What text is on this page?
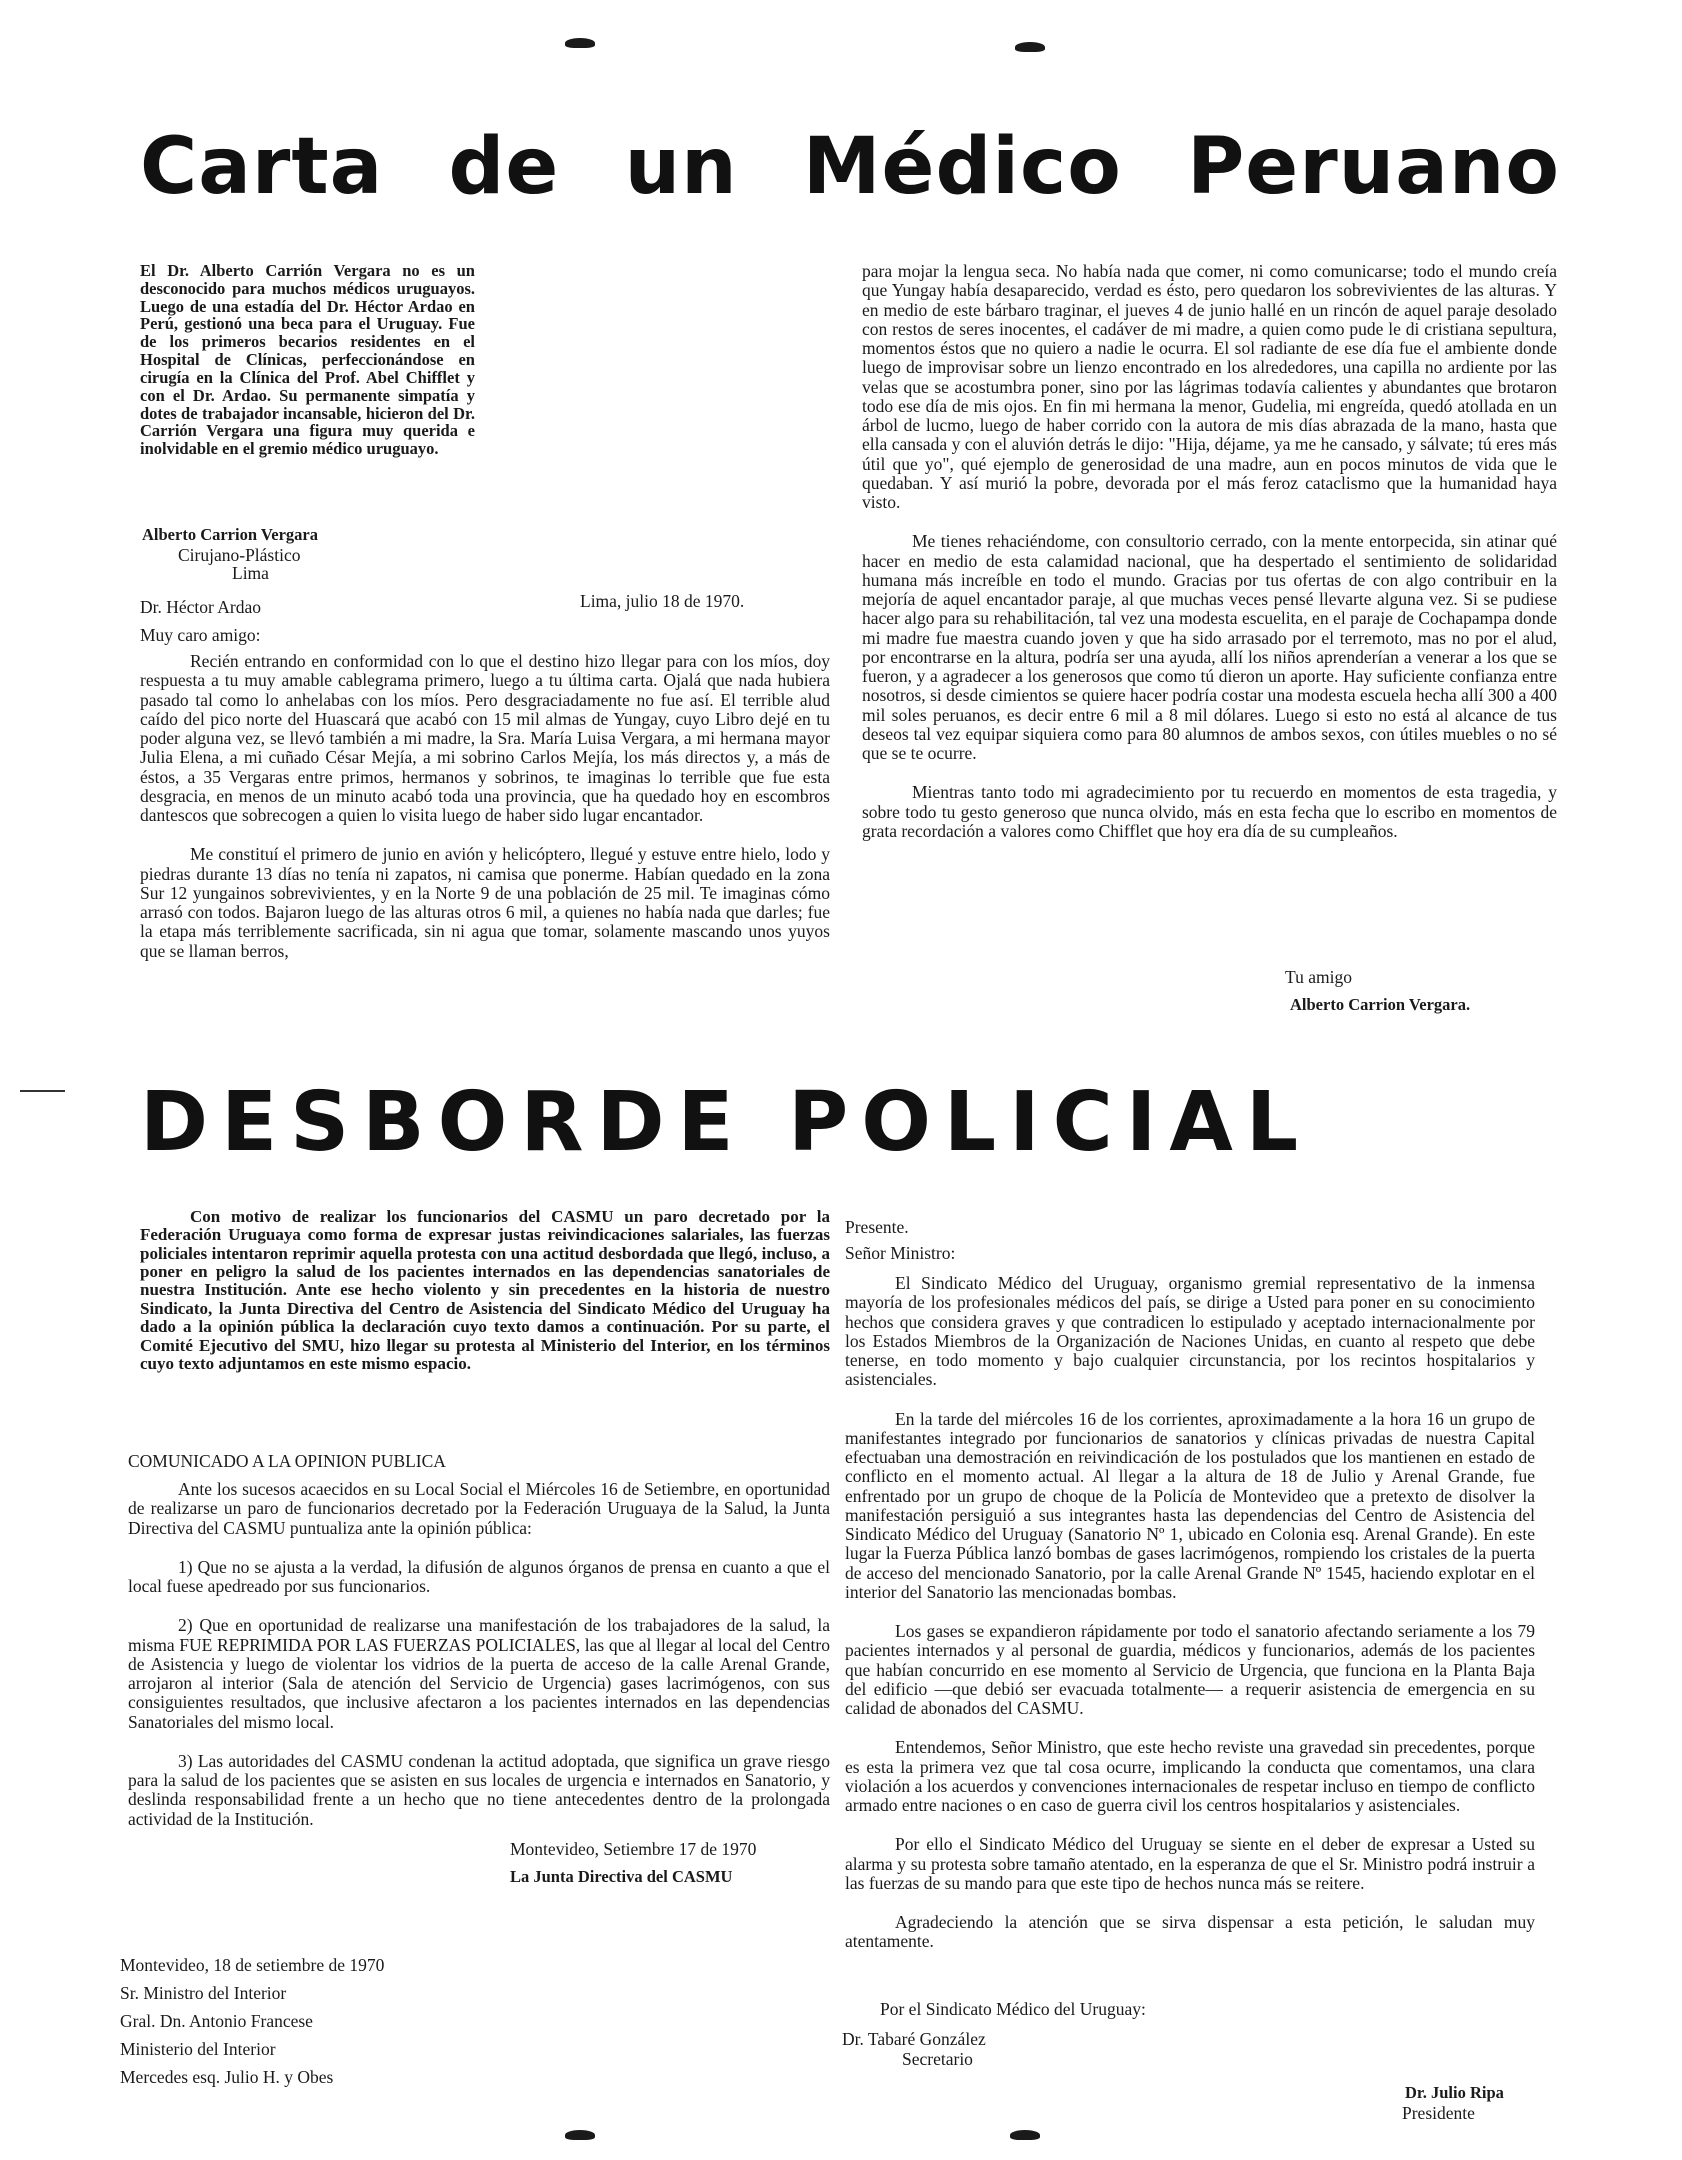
Carta de un Médico Peruano
El Dr. Alberto Carrión Vergara no es un desconocido para muchos médicos uruguayos. Luego de una estadía del Dr. Héctor Ardao en Perú, gestionó una beca para el Uruguay. Fue de los primeros becarios residentes en el Hospital de Clínicas, perfeccionándose en cirugía en la Clínica del Prof. Abel Chifflet y con el Dr. Ardao. Su permanente simpatía y dotes de trabajador incansable, hicieron del Dr. Carrión Vergara una figura muy querida e inolvidable en el gremio médico uruguayo.
Alberto Carrion Vergara
Cirujano-Plástico
Lima
Lima, julio 18 de 1970.
Dr. Héctor Ardao
Muy caro amigo:

Recién entrando en conformidad con lo que el destino hizo llegar para con los míos, doy respuesta a tu muy amable cablegrama primero, luego a tu última carta. Ojalá que nada hubiera pasado tal como lo anhelabas con los míos. Pero desgraciadamente no fue así. El terrible alud caído del pico norte del Huascará que acabó con 15 mil almas de Yungay, cuyo Libro dejé en tu poder alguna vez, se llevó también a mi madre, la Sra. María Luisa Vergara, a mi hermana mayor Julia Elena, a mi cuñado César Mejía, a mi sobrino Carlos Mejía, los más directos y, a más de éstos, a 35 Vergaras entre primos, hermanos y sobrinos, te imaginas lo terrible que fue esta desgracia, en menos de un minuto acabó toda una provincia, que ha quedado hoy en escombros dantescos que sobrecogen a quien lo visita luego de haber sido lugar encantador.

Me constituí el primero de junio en avión y helicóptero, llegué y estuve entre hielo, lodo y piedras durante 13 días no tenía ni zapatos, ni camisa que ponerme. Habían quedado en la zona Sur 12 yungainos sobrevivientes, y en la Norte 9 de una población de 25 mil. Te imaginas cómo arrasó con todos. Bajaron luego de las alturas otros 6 mil, a quienes no había nada que darles; fue la etapa más terriblemente sacrificada, sin ni agua que tomar, solamente mascando unos yuyos que se llaman berros,

para mojar la lengua seca. No había nada que comer, ni como comunicarse; todo el mundo creía que Yungay había desaparecido, verdad es ésto, pero quedaron los sobrevivientes de las alturas. Y en medio de este bárbaro traginar, el jueves 4 de junio hallé en un rincón de aquel paraje desolado con restos de seres inocentes, el cadáver de mi madre, a quien como pude le di cristiana sepultura, momentos éstos que no quiero a nadie le ocurra. El sol radiante de ese día fue el ambiente donde luego de improvisar sobre un lienzo encontrado en los alrededores, una capilla no ardiente por las velas que se acostumbra poner, sino por las lágrimas todavía calientes y abundantes que brotaron todo ese día de mis ojos. En fin mi hermana la menor, Gudelia, mi engreída, quedó atollada en un árbol de lucmo, luego de haber corrido con la autora de mis días abrazada de la mano, hasta que ella cansada y con el aluvión detrás le dijo: "Hija, déjame, ya me he cansado, y sálvate; tú eres más útil que yo", qué ejemplo de generosidad de una madre, aun en pocos minutos de vida que le quedaban. Y así murió la pobre, devorada por el más feroz cataclismo que la humanidad haya visto.

Me tienes rehaciéndome, con consultorio cerrado, con la mente entorpecida, sin atinar qué hacer en medio de esta calamidad nacional, que ha despertado el sentimiento de solidaridad humana más increíble en todo el mundo. Gracias por tus ofertas de con algo contribuir en la mejoría de aquel encantador paraje, al que muchas veces pensé llevarte alguna vez. Si se pudiese hacer algo para su rehabilitación, tal vez una modesta escuelita, en el paraje de Cochapampa donde mi madre fue maestra cuando joven y que ha sido arrasado por el terremoto, mas no por el alud, por encontrarse en la altura, podría ser una ayuda, allí los niños aprenderían a venerar a los que se fueron, y a agradecer a los generosos que como tú dieron un aporte. Hay suficiente confianza entre nosotros, si desde cimientos se quiere hacer podría costar una modesta escuela hecha allí 300 a 400 mil soles peruanos, es decir entre 6 mil a 8 mil dólares. Luego si esto no está al alcance de tus deseos tal vez equipar siquiera como para 80 alumnos de ambos sexos, con útiles muebles o no sé que se te ocurre.

Mientras tanto todo mi agradecimiento por tu recuerdo en momentos de esta tragedia, y sobre todo tu gesto generoso que nunca olvido, más en esta fecha que lo escribo en momentos de grata recordación a valores como Chifflet que hoy era día de su cumpleaños.

Tu amigo
Alberto Carrion Vergara.
DESBORDE POLICIAL

Con motivo de realizar los funcionarios del CASMU un paro decretado por la Federación Uruguaya como forma de expresar justas reivindicaciones salariales, las fuerzas policiales intentaron reprimir aquella protesta con una actitud desbordada que llegó, incluso, a poner en peligro la salud de los pacientes internados en las dependencias sanatoriales de nuestra Institución. Ante ese hecho violento y sin precedentes en la historia de nuestro Sindicato, la Junta Directiva del Centro de Asistencia del Sindicato Médico del Uruguay ha dado a la opinión pública la declaración cuyo texto damos a continuación. Por su parte, el Comité Ejecutivo del SMU, hizo llegar su protesta al Ministerio del Interior, en los términos cuyo texto adjuntamos en este mismo espacio.

COMUNICADO A LA OPINION PUBLICA

Ante los sucesos acaecidos en su Local Social el Miércoles 16 de Setiembre, en oportunidad de realizarse un paro de funcionarios decretado por la Federación Uruguaya de la Salud, la Junta Directiva del CASMU puntualiza ante la opinión pública:

1) Que no se ajusta a la verdad, la difusión de algunos órganos de prensa en cuanto a que el local fuese apedreado por sus funcionarios.

2) Que en oportunidad de realizarse una manifestación de los trabajadores de la salud, la misma FUE REPRIMIDA POR LAS FUERZAS POLICIALES, las que al llegar al local del Centro de Asistencia y luego de violentar los vidrios de la puerta de acceso de la calle Arenal Grande, arrojaron al interior (Sala de atención del Servicio de Urgencia) gases lacrimógenos, con sus consiguientes resultados, que inclusive afectaron a los pacientes internados en las dependencias Sanatoriales del mismo local.

3) Las autoridades del CASMU condenan la actitud adoptada, que significa un grave riesgo para la salud de los pacientes que se asisten en sus locales de urgencia e internados en Sanatorio, y deslinda responsabilidad frente a un hecho que no tiene antecedentes dentro de la prolongada actividad de la Institución.

Montevideo, Setiembre 17 de 1970
La Junta Directiva del CASMU
Montevideo, 18 de setiembre de 1970
Sr. Ministro del Interior
Gral. Dn. Antonio Francese
Ministerio del Interior
Mercedes esq. Julio H. y Obes
Presente.
Señor Ministro:

El Sindicato Médico del Uruguay, organismo gremial representativo de la inmensa mayoría de los profesionales médicos del país, se dirige a Usted para poner en su conocimiento hechos que considera graves y que contradicen lo estipulado y aceptado internacionalmente por los Estados Miembros de la Organización de Naciones Unidas, en cuanto al respeto que debe tenerse, en todo momento y bajo cualquier circunstancia, por los recintos hospitalarios y asistenciales.

En la tarde del miércoles 16 de los corrientes, aproximadamente a la hora 16 un grupo de manifestantes integrado por funcionarios de sanatorios y clínicas privadas de nuestra Capital efectuaban una demostración en reivindicación de los postulados que los mantienen en estado de conflicto en el momento actual. Al llegar a la altura de 18 de Julio y Arenal Grande, fue enfrentado por un grupo de choque de la Policía de Montevideo que a pretexto de disolver la manifestación persiguió a sus integrantes hasta las dependencias del Centro de Asistencia del Sindicato Médico del Uruguay (Sanatorio Nº 1, ubicado en Colonia esq. Arenal Grande). En este lugar la Fuerza Pública lanzó bombas de gases lacrimógenos, rompiendo los cristales de la puerta de acceso del mencionado Sanatorio, por la calle Arenal Grande Nº 1545, haciendo explotar en el interior del Sanatorio las mencionadas bombas.

Los gases se expandieron rápidamente por todo el sanatorio afectando seriamente a los 79 pacientes internados y al personal de guardia, médicos y funcionarios, además de los pacientes que habían concurrido en ese momento al Servicio de Urgencia, que funciona en la Planta Baja del edificio —que debió ser evacuada totalmente— a requerir asistencia de emergencia en su calidad de abonados del CASMU.

Entendemos, Señor Ministro, que este hecho reviste una gravedad sin precedentes, porque es esta la primera vez que tal cosa ocurre, implicando la conducta que comentamos, una clara violación a los acuerdos y convenciones internacionales de respetar incluso en tiempo de conflicto armado entre naciones o en caso de guerra civil los centros hospitalarios y asistenciales.

Por ello el Sindicato Médico del Uruguay se siente en el deber de expresar a Usted su alarma y su protesta sobre tamaño atentado, en la esperanza de que el Sr. Ministro podrá instruir a las fuerzas de su mando para que este tipo de hechos nunca más se reitere.

Agradeciendo la atención que se sirva dispensar a esta petición, le saludan muy atentamente.

Por el Sindicato Médico del Uruguay:
Dr. Tabaré González
Secretario
Dr. Julio Ripa
Presidente
